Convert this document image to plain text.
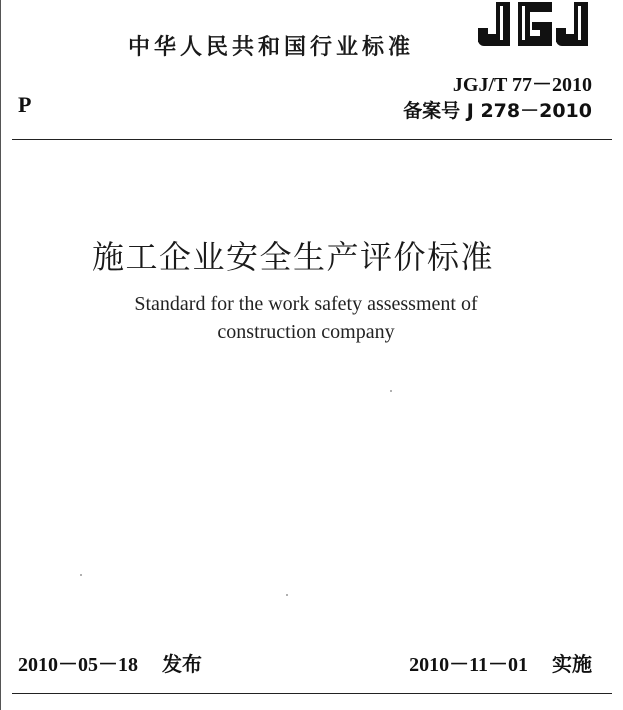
中华人民共和国行业标准
P
JGJ/T 77－2010
备案号 J 278－2010
施工企业安全生产评价标准
Standard for the work safety assessment of
construction company
2010－05－18 发布	2010－11－01 实施
